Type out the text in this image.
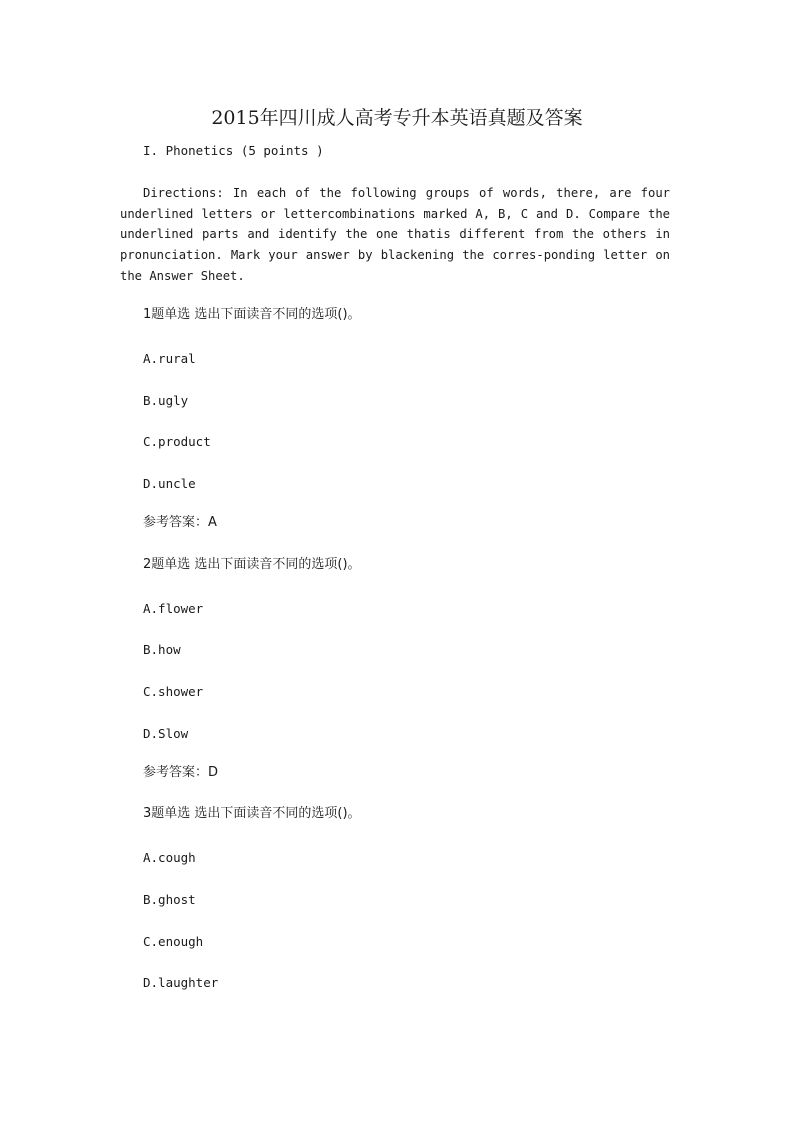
2015年四川成人高考专升本英语真题及答案
I. Phonetics (5 points )
Directions: In each of the following groups of words, there, are four underlined letters or lettercombinations marked A, B, C and D. Compare the underlined parts and identify the one thatis different from the others in pronunciation. Mark your answer by blackening the corres-ponding letter on the Answer Sheet.
1题单选 选出下面读音不同的选项()。
A.rural
B.ugly
C.product
D.uncle
参考答案：A
2题单选 选出下面读音不同的选项()。
A.flower
B.how
C.shower
D.Slow
参考答案：D
3题单选 选出下面读音不同的选项()。
A.cough
B.ghost
C.enough
D.laughter
